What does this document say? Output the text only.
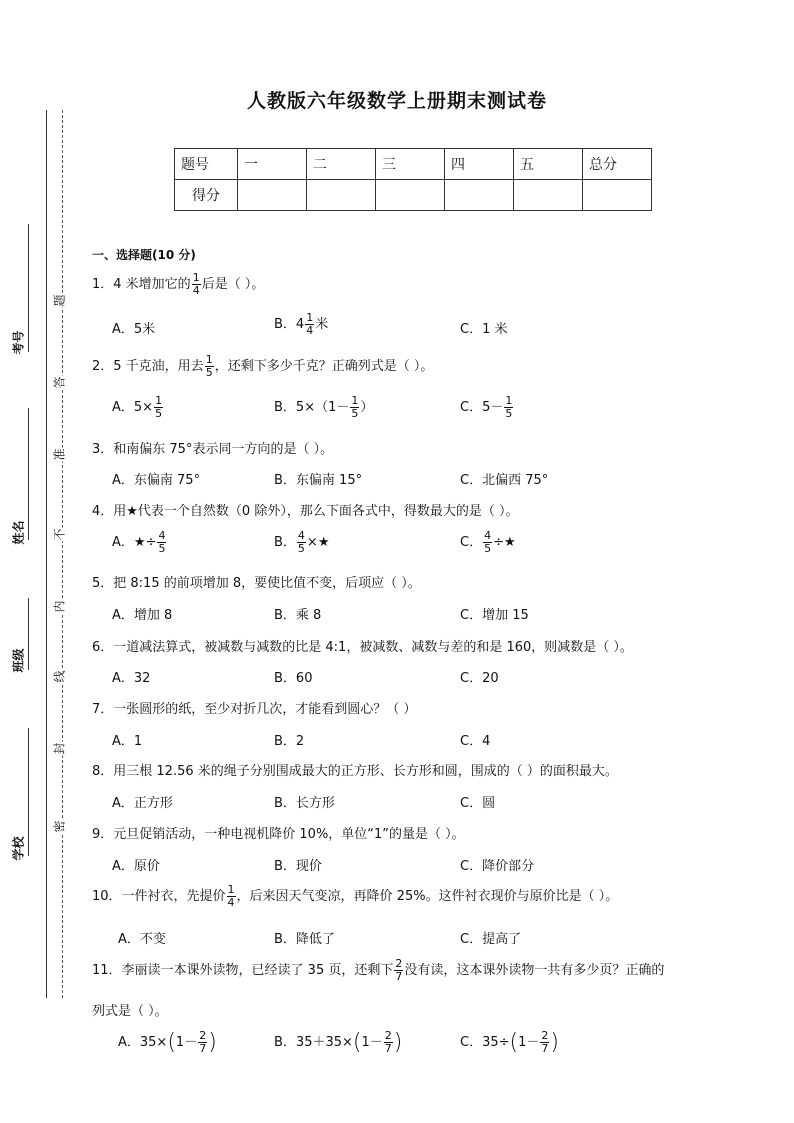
人教版六年级数学上册期末测试卷
题号	一	二	三	四	五	总分
得分						
考号
姓名
班级
学校
题
答
准
不
内
线
封
密
一、选择题(10 分)
1．4 米增加它的 $\frac{1}{4}$ 后是（ ）。
A．5米	B．$4 \frac{1}{4}$ 米	C．1 米
2．5 千克油，用去 $\frac{1}{5}$ ，还剩下多少千克？正确列式是（ ）。
A．$5\times \frac{1}{5}$	B．$5\times(1- \frac{1}{5}$ ）	C．$5- \frac{1}{5}$
3．和南偏东 75°表示同一方向的是（ ）。
A．东偏南 75°	B．东偏南 15°	C．北偏西 75°
4．用★代表一个自然数（0 除外），那么下面各式中，得数最大的是（ ）。
A．★÷ $\frac{4}{5}$	B． $\frac{4}{5}$ ×★	C． $\frac{4}{5}$ ÷★
5．把 8:15 的前项增加 8，要使比值不变，后项应（ ）。
A．增加 8	B．乘 8	C．增加 15
6．一道减法算式，被减数与减数的比是 4:1，被减数、减数与差的和是 160，则减数是（ ）。
A．32	B．60	C．20
7．一张圆形的纸，至少对折几次，才能看到圆心？（ ）
A．1	B．2	C．4
8．用三根 12.56 米的绳子分别围成最大的正方形、长方形和圆，围成的（ ）的面积最大。
A．正方形	B．长方形	C．圆
9．元旦促销活动，一种电视机降价 10%，单位“1”的量是（ ）。
A．原价	B．现价	C．降价部分
10．一件衬衣，先提价 $\frac{1}{4}$ ，后来因天气变凉，再降价 25%。这件衬衣现价与原价比是（ ）。
A．不变	B．降低了	C．提高了
11．李丽读一本课外读物，已经读了 35 页，还剩下 $\frac{2}{7}$ 没有读，这本课外读物一共有多少页？正确的
列式是（ ）。
A．$35\times(1- \frac{2}{7}$ )	B．$35+35\times(1- \frac{2}{7}$ )	C．$35\div(1- \frac{2}{7}$ )
